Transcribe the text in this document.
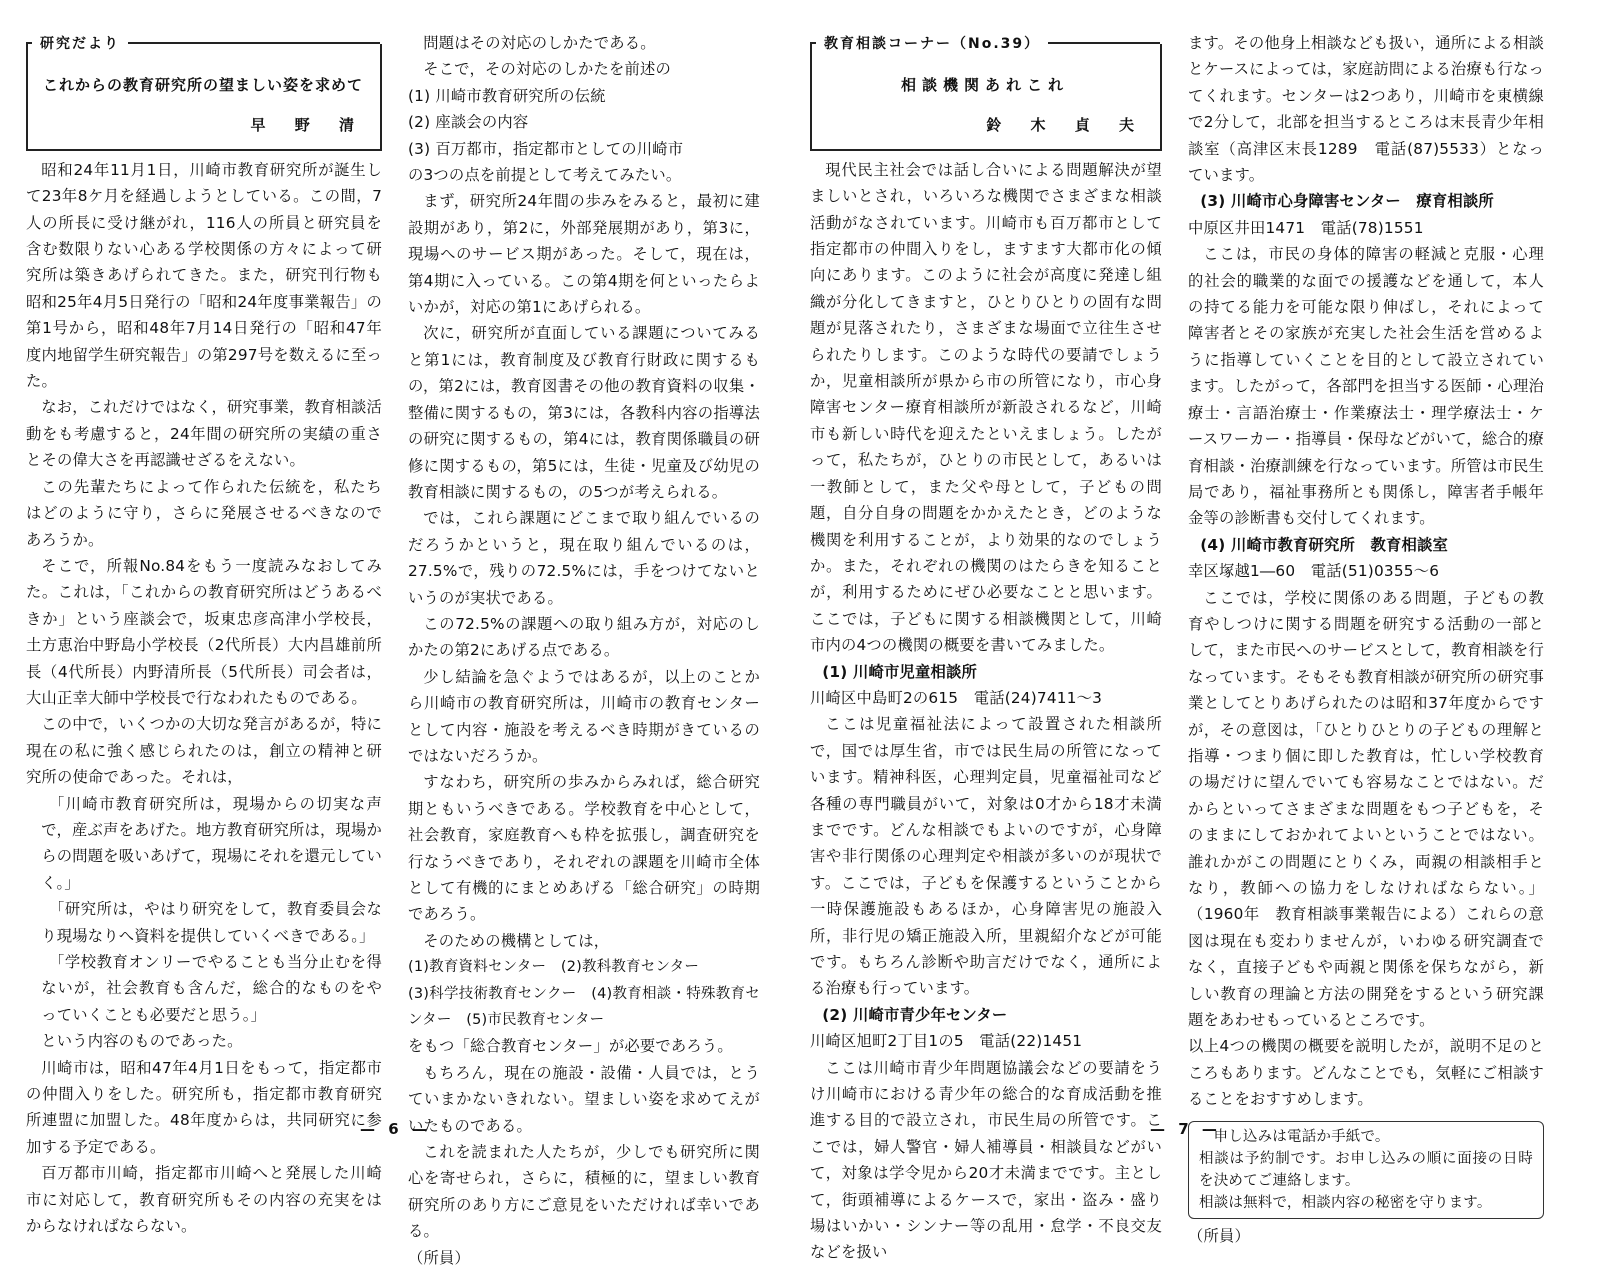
研究だより
これからの教育研究所の望ましい姿を求めて
早 野 清

昭和24年11月1日，川崎市教育研究所が誕生して23年8ケ月を経過しようとしている。この間，7人の所長に受け継がれ，116人の所員と研究員を含む数限りない心ある学校関係の方々によって研究所は築きあげられてきた。また，研究刊行物も昭和25年4月5日発行の「昭和24年度事業報告」の第1号から，昭和48年7月14日発行の「昭和47年度内地留学生研究報告」の第297号を数えるに至った。

なお，これだけではなく，研究事業，教育相談活動をも考慮すると，24年間の研究所の実績の重さとその偉大さを再認識せざるをえない。

この先輩たちによって作られた伝統を，私たちはどのように守り，さらに発展させるべきなのであろうか。

そこで，所報No.84をもう一度読みなおしてみた。これは，「これからの教育研究所はどうあるべきか」という座談会で，坂東忠彦高津小学校長，土方恵治中野島小学校長（2代所長）大内昌雄前所長（4代所長）内野清所長（5代所長）司会者は，大山正幸大師中学校長で行なわれたものである。

この中で，いくつかの大切な発言があるが，特に現在の私に強く感じられたのは，創立の精神と研究所の使命であった。それは，

「川崎市教育研究所は，現場からの切実な声で，産ぶ声をあげた。地方教育研究所は，現場からの問題を吸いあげて，現場にそれを還元していく。」

「研究所は，やはり研究をして，教育委員会なり現場なりへ資料を提供していくべきである。」

「学校教育オンリーでやることも当分止むを得ないが，社会教育も含んだ，総合的なものをやっていくことも必要だと思う。」

という内容のものであった。

川崎市は，昭和47年4月1日をもって，指定都市の仲間入りをした。研究所も，指定都市教育研究所連盟に加盟した。48年度からは，共同研究に参加する予定である。

百万都市川崎，指定都市川崎へと発展した川崎市に対応して，教育研究所もその内容の充実をはからなければならない。

問題はその対応のしかたである。

そこで，その対応のしかたを前述の

(1) 川崎市教育研究所の伝統

(2) 座談会の内容

(3) 百万都市，指定都市としての川崎市

の3つの点を前提として考えてみたい。

まず，研究所24年間の歩みをみると，最初に建設期があり，第2に，外部発展期があり，第3に，現場へのサービス期があった。そして，現在は，第4期に入っている。この第4期を何といったらよいかが，対応の第1にあげられる。

次に，研究所が直面している課題についてみると第1には，教育制度及び教育行財政に関するもの，第2には，教育図書その他の教育資料の収集・整備に関するもの，第3には，各教科内容の指導法の研究に関するもの，第4には，教育関係職員の研修に関するもの，第5には，生徒・児童及び幼児の教育相談に関するもの，の5つが考えられる。

では，これら課題にどこまで取り組んでいるのだろうかというと，現在取り組んでいるのは，27.5%で，残りの72.5%には，手をつけてないというのが実状である。

この72.5%の課題への取り組み方が，対応のしかたの第2にあげる点である。

少し結論を急ぐようではあるが，以上のことから川崎市の教育研究所は，川崎市の教育センターとして内容・施設を考えるべき時期がきているのではないだろうか。

すなわち，研究所の歩みからみれば，総合研究期ともいうべきである。学校教育を中心として，社会教育，家庭教育へも枠を拡張し，調査研究を行なうべきであり，それぞれの課題を川崎市全体として有機的にまとめあげる「総合研究」の時期であろう。

そのための機構としては，

(1)教育資料センター　(2)教科教育センター

(3)科学技術教育センクー　(4)教育相談・特殊教育センター　(5)市民教育センター

をもつ「総合教育センター」が必要であろう。

もちろん，現在の施設・設備・人員では，とうていまかないきれない。望ましい姿を求めてえがいたものである。

これを読まれた人たちが，少しでも研究所に関心を寄せられ，さらに，積極的に，望ましい教育研究所のあり方にご意見をいただければ幸いである。

（所員）

— 6 —
教育相談コーナー（No.39）
相談機関あれこれ
鈴 木 貞 夫

現代民主社会では話し合いによる問題解決が望ましいとされ，いろいろな機関でさまざまな相談活動がなされています。川崎市も百万都市として指定都市の仲間入りをし，ますます大都市化の傾向にあります。このように社会が高度に発達し組織が分化してきますと，ひとりひとりの固有な問題が見落されたり，さまざまな場面で立往生させられたりします。このような時代の要請でしょうか，児童相談所が県から市の所管になり，市心身障害センター療育相談所が新設されるなど，川崎市も新しい時代を迎えたといえましょう。したがって，私たちが，ひとりの市民として，あるいは一教師として，また父や母として，子どもの問題，自分自身の問題をかかえたとき，どのような機関を利用することが，より効果的なのでしょうか。また，それぞれの機関のはたらきを知ることが，利用するためにぜひ必要なことと思います。ここでは，子どもに関する相談機関として，川崎市内の4つの機関の概要を書いてみました。

(1) 川崎市児童相談所

川崎区中島町2の615　電話(24)7411～3

ここは児童福祉法によって設置された相談所で，国では厚生省，市では民生局の所管になっています。精神科医，心理判定員，児童福祉司など各種の専門職員がいて，対象は0才から18才未満までです。どんな相談でもよいのですが，心身障害や非行関係の心理判定や相談が多いのが現状です。ここでは，子どもを保護するということから一時保護施設もあるほか，心身障害児の施設入所，非行児の矯正施設入所，里親紹介などが可能です。もちろん診断や助言だけでなく，通所による治療も行っています。

(2) 川崎市青少年センター

川崎区旭町2丁目1の5　電話(22)1451

ここは川崎市青少年問題協議会などの要請をうけ川崎市における青少年の総合的な育成活動を推進する目的で設立され，市民生局の所管です。ここでは，婦人警官・婦人補導員・相談員などがいて，対象は学令児から20才未満までです。主として，街頭補導によるケースで，家出・盗み・盛り場はいかい・シンナー等の乱用・怠学・不良交友などを扱い

ます。その他身上相談なども扱い，通所による相談とケースによっては，家庭訪問による治療も行なってくれます。センターは2つあり，川崎市を東横線で2分して，北部を担当するところは末長青少年相談室（高津区末長1289　電話(87)5533）となっています。

(3) 川崎市心身障害センター　療育相談所

中原区井田1471　電話(78)1551

ここは，市民の身体的障害の軽減と克服・心理的社会的職業的な面での援護などを通して，本人の持てる能力を可能な限り伸ばし，それによって障害者とその家族が充実した社会生活を営めるように指導していくことを目的として設立されています。したがって，各部門を担当する医師・心理治療士・言語治療士・作業療法士・理学療法士・ケースワーカー・指導員・保母などがいて，総合的療育相談・治療訓練を行なっています。所管は市民生局であり，福祉事務所とも関係し，障害者手帳年金等の診断書も交付してくれます。

(4) 川崎市教育研究所　教育相談室

幸区塚越1―60　電話(51)0355～6

ここでは，学校に関係のある問題，子どもの教育やしつけに関する問題を研究する活動の一部として，また市民へのサービスとして，教育相談を行なっています。そもそも教育相談が研究所の研究事業としてとりあげられたのは昭和37年度からですが，その意図は，「ひとりひとりの子どもの理解と指導・つまり個に即した教育は，忙しい学校教育の場だけに望んでいても容易なことではない。だからといってさまざまな問題をもつ子どもを，そのままにしておかれてよいということではない。誰れかがこの問題にとりくみ，両親の相談相手となり，教師への協力をしなければならない。」（1960年　教育相談事業報告による）これらの意図は現在も変わりませんが，いわゆる研究調査でなく，直接子どもや両親と関係を保ちながら，新しい教育の理論と方法の開発をするという研究課題をあわせもっているところです。

以上4つの機関の概要を説明したが，説明不足のところもあります。どんなことでも，気軽にご相談することをおすすめします。

申し込みは電話か手紙で。

相談は予約制です。お申し込みの順に面接の日時を決めてご連絡します。

相談は無料で，相談内容の秘密を守ります。

（所員）

— 7 —
